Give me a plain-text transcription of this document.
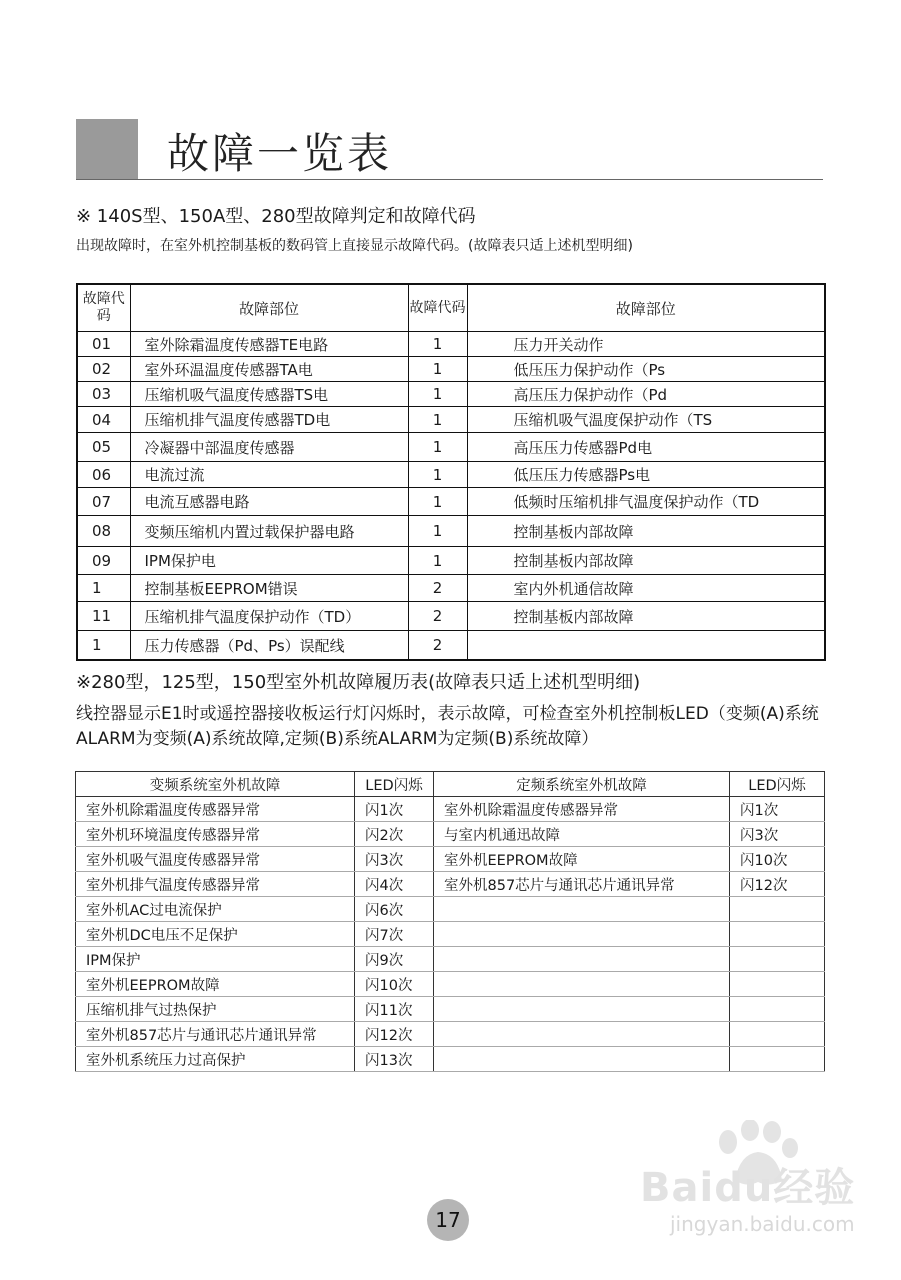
故障一览表
※ 140S型、150A型、280型故障判定和故障代码
出现故障时，在室外机控制基板的数码管上直接显示故障代码。(故障表只适上述机型明细)
故障代码	故障部位	故障代码	故障部位
01	室外除霜温度传感器TE电路	1	压力开关动作
02	室外环温温度传感器TA电	1	低压压力保护动作（Ps
03	压缩机吸气温度传感器TS电	1	高压压力保护动作（Pd
04	压缩机排气温度传感器TD电	1	压缩机吸气温度保护动作（TS
05	冷凝器中部温度传感器	1	高压压力传感器Pd电
06	电流过流	1	低压压力传感器Ps电
07	电流互感器电路	1	低频时压缩机排气温度保护动作（TD
08	变频压缩机内置过载保护器电路	1	控制基板内部故障
09	IPM保护电	1	控制基板内部故障
1	控制基板EEPROM错误	2	室内外机通信故障
11	压缩机排气温度保护动作（TD）	2	控制基板内部故障
1	压力传感器（Pd、Ps）误配线	2	
※280型，125型，150型室外机故障履历表(故障表只适上述机型明细)
线控器显示E1时或遥控器接收板运行灯闪烁时，表示故障，可检查室外机控制板LED（变频(A)系统ALARM为变频(A)系统故障,定频(B)系统ALARM为定频(B)系统故障）
变频系统室外机故障	LED闪烁	定频系统室外机故障	LED闪烁
室外机除霜温度传感器异常	闪1次	室外机除霜温度传感器异常	闪1次
室外机环境温度传感器异常	闪2次	与室内机通迅故障	闪3次
室外机吸气温度传感器异常	闪3次	室外机EEPROM故障	闪10次
室外机排气温度传感器异常	闪4次	室外机857芯片与通讯芯片通讯异常	闪12次
室外机AC过电流保护	闪6次		
室外机DC电压不足保护	闪7次		
IPM保护	闪9次		
室外机EEPROM故障	闪10次		
压缩机排气过热保护	闪11次		
室外机857芯片与通讯芯片通讯异常	闪12次		
室外机系统压力过高保护	闪13次		
Baidu经验
jingyan.baidu.com
17
